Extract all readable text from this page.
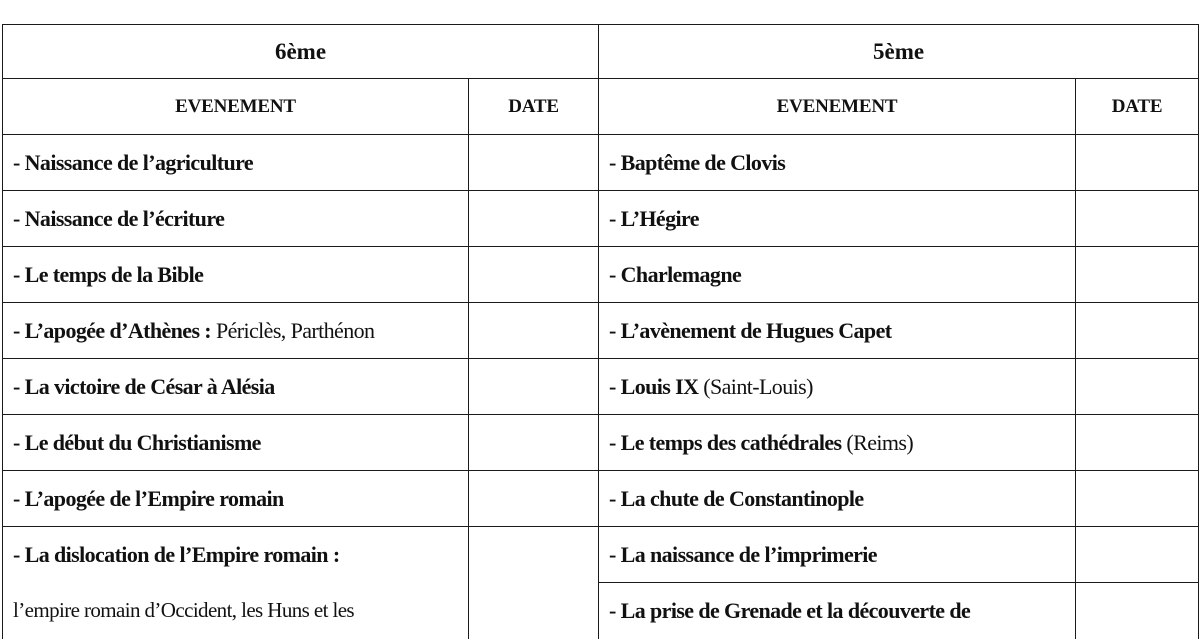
6ème		5ème	
EVENEMENT	DATE	EVENEMENT	DATE
- Naissance de l’agriculture		- Baptême de Clovis	
- Naissance de l’écriture		- L’Hégire	
- Le temps de la Bible		- Charlemagne	
- L’apogée d’Athènes : Périclès, Parthénon		- L’avènement de Hugues Capet	
- La victoire de César à Alésia		- Louis IX (Saint-Louis)	
- Le début du Christianisme		- Le temps des cathédrales (Reims)	
- L’apogée de l’Empire romain		- La chute de Constantinople	
- La dislocation de l’Empire romain :		- La naissance de l’imprimerie	
l’empire romain d’Occident, les Huns et les		- La prise de Grenade et la découverte de	
